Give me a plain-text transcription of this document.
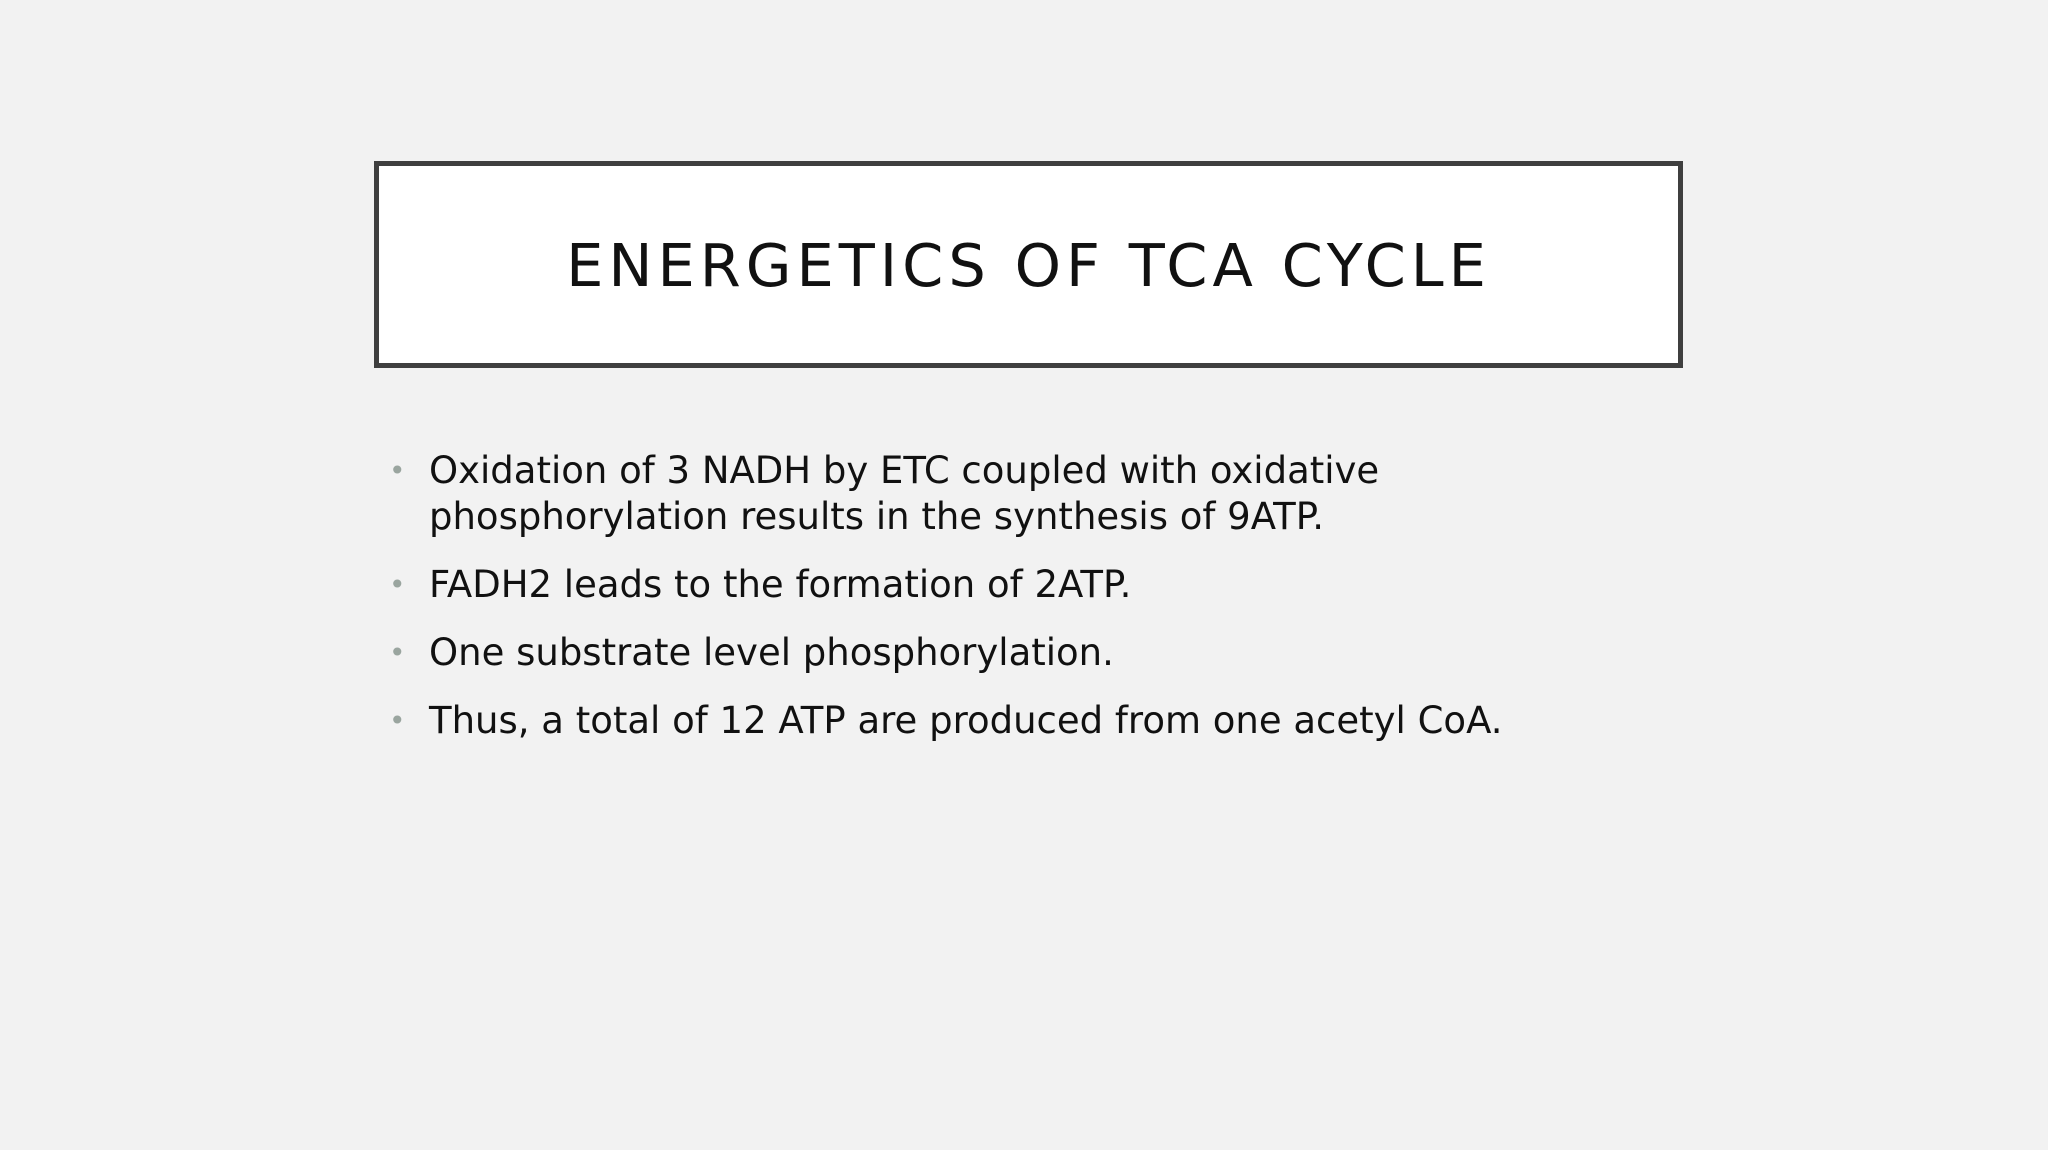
ENERGETICS OF TCA CYCLE
• Oxidation of 3 NADH by ETC coupled with oxidative phosphorylation results in the synthesis of 9ATP.
• FADH2 leads to the formation of 2ATP.
• One substrate level phosphorylation.
• Thus, a total of 12 ATP are produced from one acetyl CoA.
